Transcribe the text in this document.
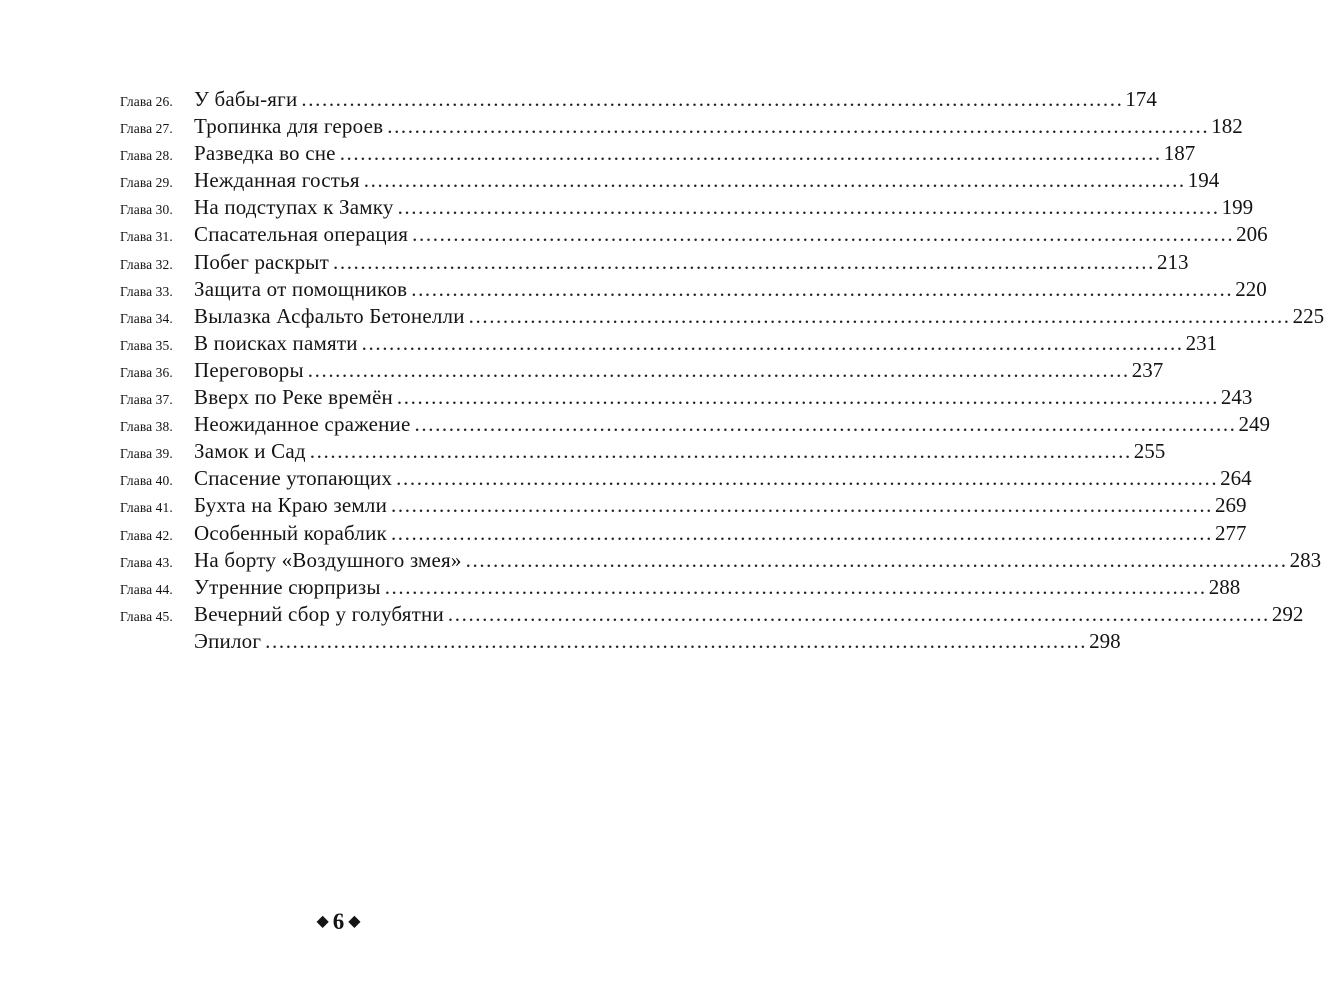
Глава 26.	У бабы-яги ........................................................................................................................ 174
Глава 27.	Тропинка для героев ........................................................................................................................ 182
Глава 28.	Разведка во сне ........................................................................................................................ 187
Глава 29.	Нежданная гостья ........................................................................................................................ 194
Глава 30.	На подступах к Замку ........................................................................................................................ 199
Глава 31.	Спасательная операция ........................................................................................................................ 206
Глава 32.	Побег раскрыт ........................................................................................................................ 213
Глава 33.	Защита от помощников ........................................................................................................................ 220
Глава 34.	Вылазка Асфальто Бетонелли ........................................................................................................................ 225
Глава 35.	В поисках памяти ........................................................................................................................ 231
Глава 36.	Переговоры ........................................................................................................................ 237
Глава 37.	Вверх по Реке времён ........................................................................................................................ 243
Глава 38.	Неожиданное сражение ........................................................................................................................ 249
Глава 39.	Замок и Сад ........................................................................................................................ 255
Глава 40.	Спасение утопающих ........................................................................................................................ 264
Глава 41.	Бухта на Краю земли ........................................................................................................................ 269
Глава 42.	Особенный кораблик ........................................................................................................................ 277
Глава 43.	На борту «Воздушного змея» ........................................................................................................................ 283
Глава 44.	Утренние сюрпризы ........................................................................................................................ 288
Глава 45.	Вечерний сбор у голубятни ........................................................................................................................ 292
Эпилог ........................................................................................................................ 298
◆ 6 ◆
